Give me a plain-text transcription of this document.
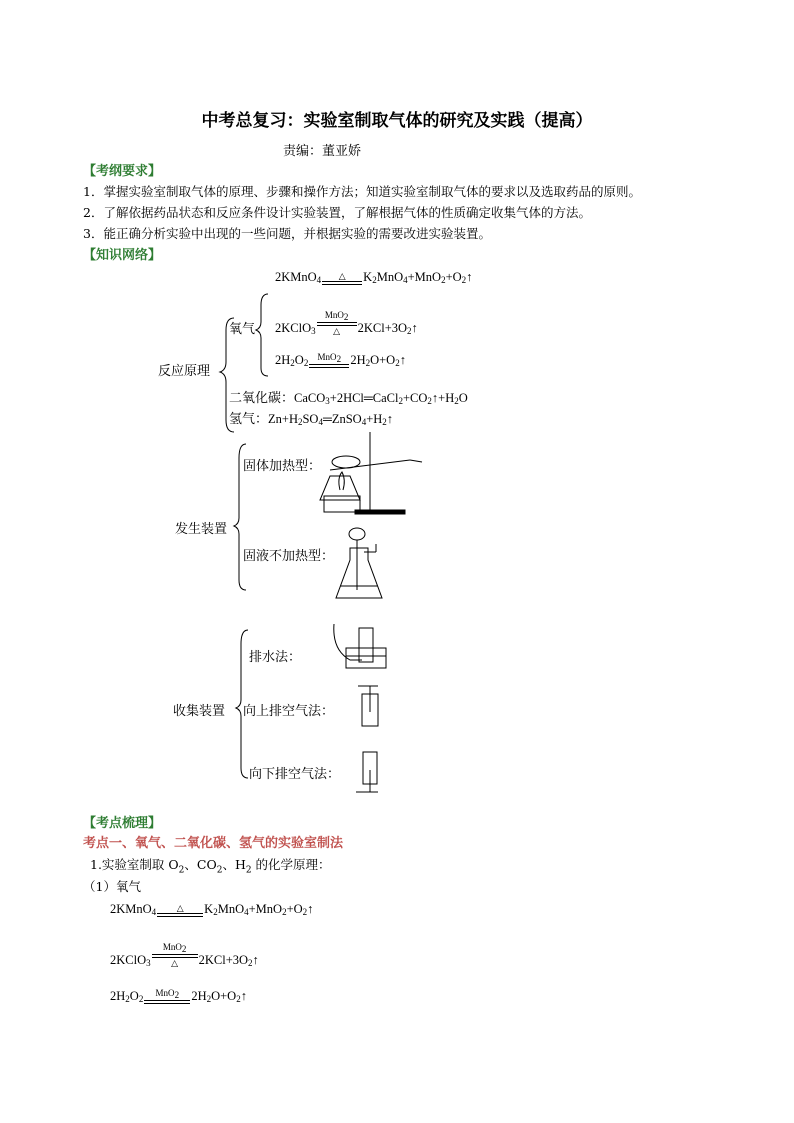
中考总复习：实验室制取气体的研究及实践（提高）
责编：董亚娇
【考纲要求】
1．掌握实验室制取气体的原理、步骤和操作方法；知道实验室制取气体的要求以及选取药品的原则。
2．了解依据药品状态和反应条件设计实验装置，了解根据气体的性质确定收集气体的方法。
3．能正确分析实验中出现的一些问题，并根据实验的需要改进实验装置。
【知识网络】
2KMnO$_4$	△	$K_2MnO_4+MnO_2+O_2↑$
氧气 2KClO$_3$
MnO$_2$
△	$2KCl+3O_2↑$
$2H_2O_2$
MnO$_2$ $2H_2O+O_2↑$
反应原理
二氧化碳：$CaCO_3+2HCl═CaCl_2+CO_2↑+H_2O$
氢气：$Zn+H_2SO_4═ZnSO_4+H_2↑$
固体加热型：
发生装置
固液不加热型：
排水法：
收集装置 向上排空气法：
向下排空气法：
【考点梳理】
考点一、氧气、二氧化碳、氢气的实验室制法
1.实验室制取 $O_2$、$CO_2$、$H_2$ 的化学原理：
（1）氧气
2KMnO$_4$	△	$K_2MnO_4+MnO_2+O_2↑$
2KClO$_3$
MnO$_2$
△	$2KCl+3O_2↑$
$2H_2O_2$
MnO$_2$ $2H_2O+O_2↑$
